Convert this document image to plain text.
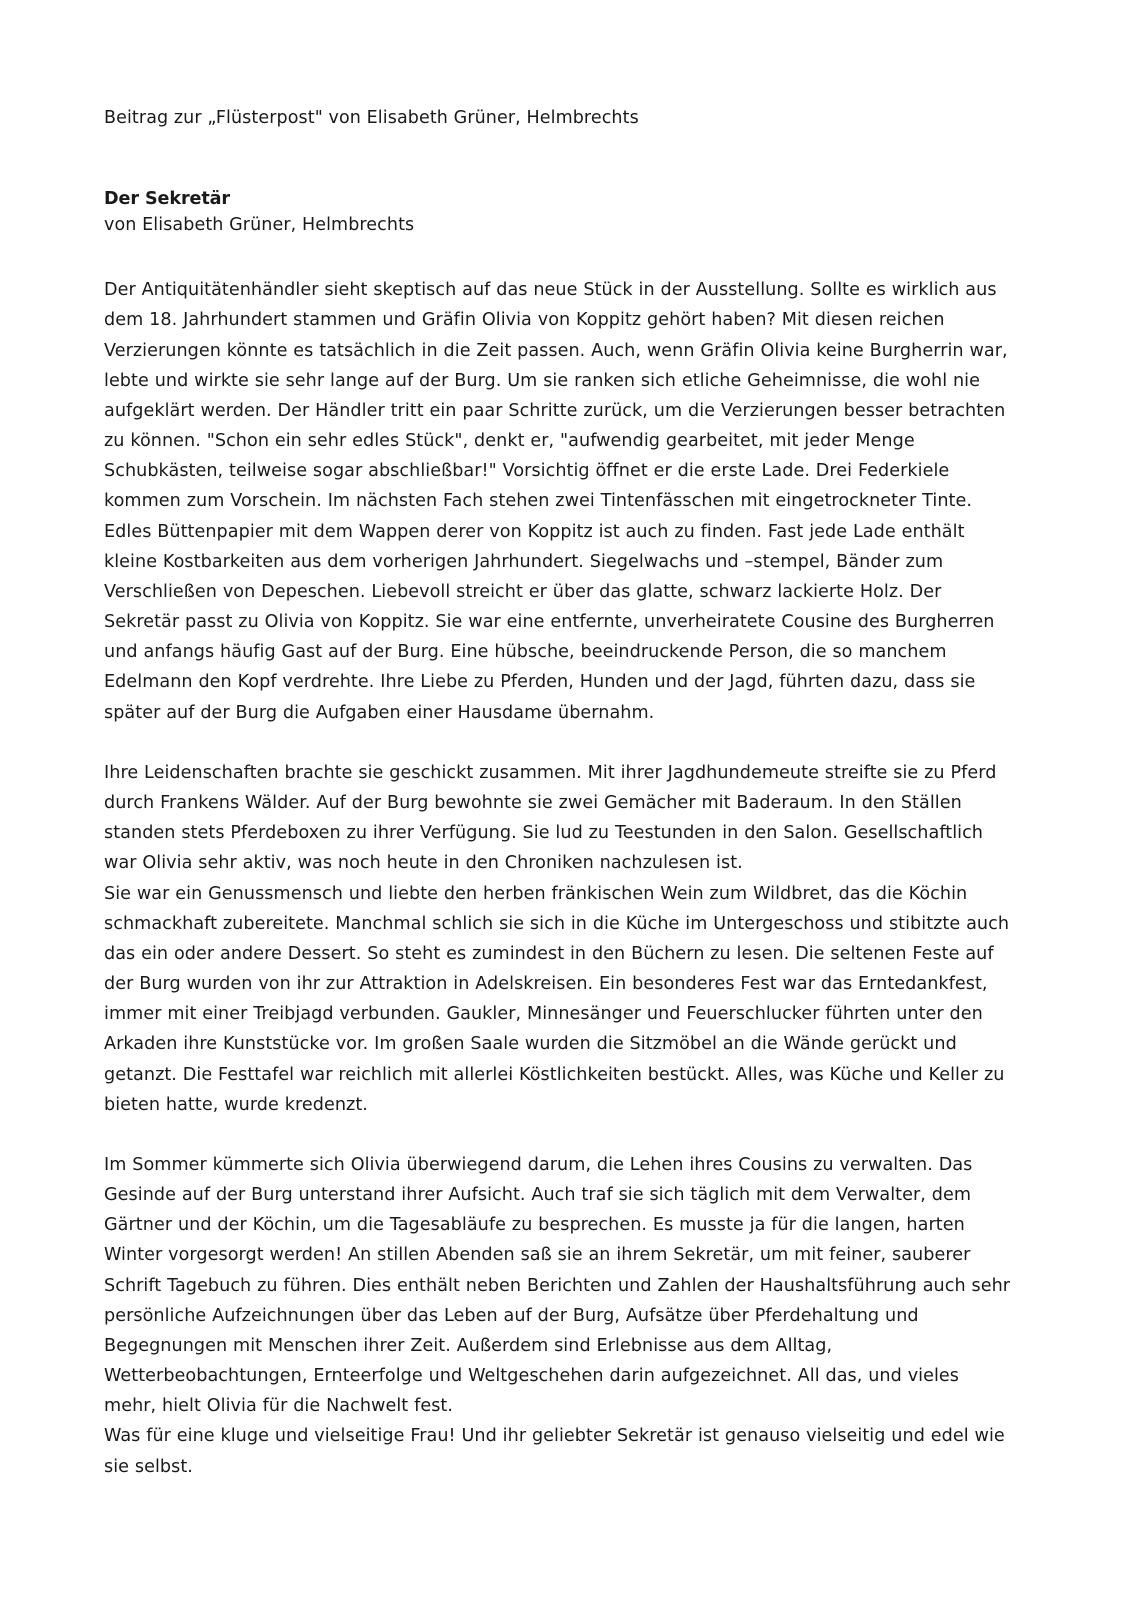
Beitrag zur „Flüsterpost" von Elisabeth Grüner, Helmbrechts

Der Sekretär

von Elisabeth Grüner, Helmbrechts

Der Antiquitätenhändler sieht skeptisch auf das neue Stück in der Ausstellung. Sollte es wirklich aus dem 18. Jahrhundert stammen und Gräfin Olivia von Koppitz gehört haben? Mit diesen reichen Verzierungen könnte es tatsächlich in die Zeit passen. Auch, wenn Gräfin Olivia keine Burgherrin war, lebte und wirkte sie sehr lange auf der Burg. Um sie ranken sich etliche Geheimnisse, die wohl nie aufgeklärt werden. Der Händler tritt ein paar Schritte zurück, um die Verzierungen besser betrachten zu können. "Schon ein sehr edles Stück", denkt er, "aufwendig gearbeitet, mit jeder Menge Schubkästen, teilweise sogar abschließbar!" Vorsichtig öffnet er die erste Lade. Drei Federkiele kommen zum Vorschein. Im nächsten Fach stehen zwei Tintenfässchen mit eingetrockneter Tinte. Edles Büttenpapier mit dem Wappen derer von Koppitz ist auch zu finden. Fast jede Lade enthält kleine Kostbarkeiten aus dem vorherigen Jahrhundert. Siegelwachs und –stempel, Bänder zum Verschließen von Depeschen. Liebevoll streicht er über das glatte, schwarz lackierte Holz. Der Sekretär passt zu Olivia von Koppitz. Sie war eine entfernte, unverheiratete Cousine des Burgherren und anfangs häufig Gast auf der Burg. Eine hübsche, beeindruckende Person, die so manchem Edelmann den Kopf verdrehte. Ihre Liebe zu Pferden, Hunden und der Jagd, führten dazu, dass sie später auf der Burg die Aufgaben einer Hausdame übernahm.

Ihre Leidenschaften brachte sie geschickt zusammen. Mit ihrer Jagdhundemeute streifte sie zu Pferd durch Frankens Wälder. Auf der Burg bewohnte sie zwei Gemächer mit Baderaum. In den Ställen standen stets Pferdeboxen zu ihrer Verfügung. Sie lud zu Teestunden in den Salon. Gesellschaftlich war Olivia sehr aktiv, was noch heute in den Chroniken nachzulesen ist.

Sie war ein Genussmensch und liebte den herben fränkischen Wein zum Wildbret, das die Köchin schmackhaft zubereitete. Manchmal schlich sie sich in die Küche im Untergeschoss und stibitzte auch das ein oder andere Dessert. So steht es zumindest in den Büchern zu lesen. Die seltenen Feste auf der Burg wurden von ihr zur Attraktion in Adelskreisen. Ein besonderes Fest war das Erntedankfest, immer mit einer Treibjagd verbunden. Gaukler, Minnesänger und Feuerschlucker führten unter den Arkaden ihre Kunststücke vor. Im großen Saale wurden die Sitzmöbel an die Wände gerückt und getanzt. Die Festtafel war reichlich mit allerlei Köstlichkeiten bestückt. Alles, was Küche und Keller zu bieten hatte, wurde kredenzt.

Im Sommer kümmerte sich Olivia überwiegend darum, die Lehen ihres Cousins zu verwalten. Das Gesinde auf der Burg unterstand ihrer Aufsicht. Auch traf sie sich täglich mit dem Verwalter, dem Gärtner und der Köchin, um die Tagesabläufe zu besprechen. Es musste ja für die langen, harten Winter vorgesorgt werden! An stillen Abenden saß sie an ihrem Sekretär, um mit feiner, sauberer Schrift Tagebuch zu führen. Dies enthält neben Berichten und Zahlen der Haushaltsführung auch sehr persönliche Aufzeichnungen über das Leben auf der Burg, Aufsätze über Pferdehaltung und Begegnungen mit Menschen ihrer Zeit. Außerdem sind Erlebnisse aus dem Alltag, Wetterbeobachtungen, Ernteerfolge und Weltgeschehen darin aufgezeichnet. All das, und vieles mehr, hielt Olivia für die Nachwelt fest.

Was für eine kluge und vielseitige Frau! Und ihr geliebter Sekretär ist genauso vielseitig und edel wie sie selbst.
